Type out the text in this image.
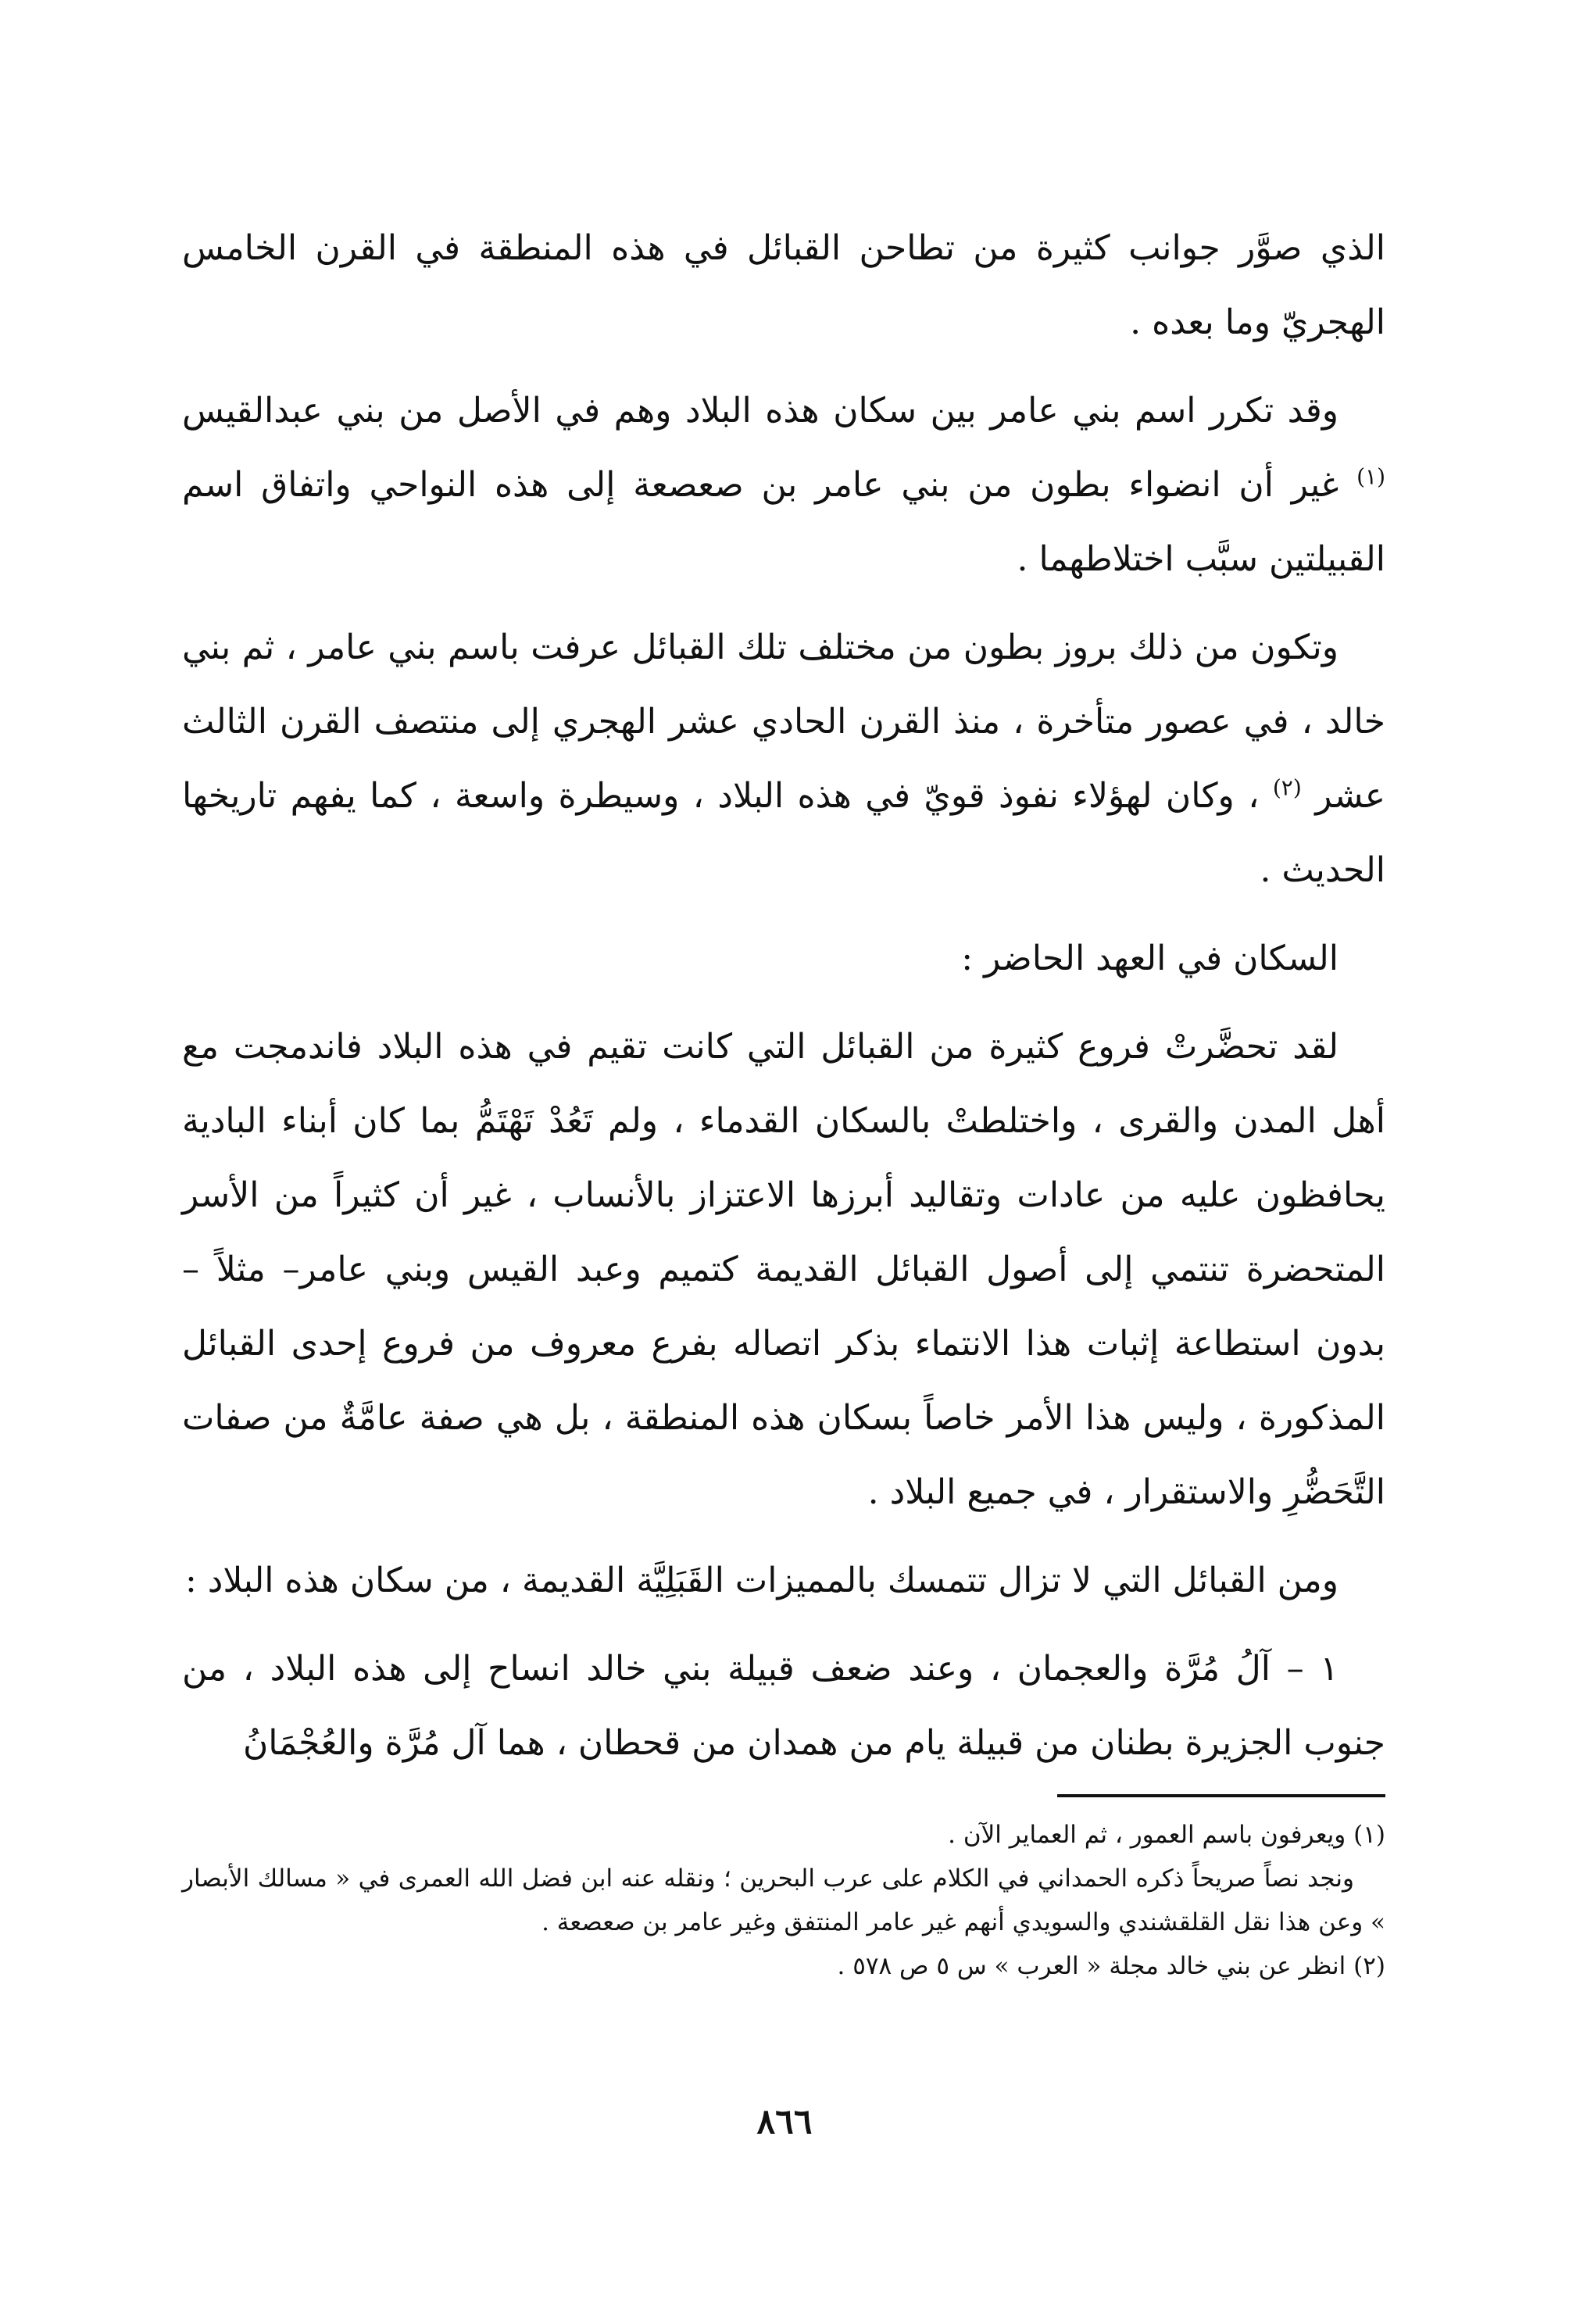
الذي صوَّر جوانب كثيرة من تطاحن القبائل في هذه المنطقة في القرن الخامس الهجريّ وما بعده .

وقد تكرر اسم بني عامر بين سكان هذه البلاد وهم في الأصل من بني عبدالقيس $^{(١)}$ غير أن انضواء بطون من بني عامر بن صعصعة إلى هذه النواحي واتفاق اسم القبيلتين سبَّب اختلاطهما .

وتكون من ذلك بروز بطون من مختلف تلك القبائل عرفت باسم بني عامر ، ثم بني خالد ، في عصور متأخرة ، منذ القرن الحادي عشر الهجري إلى منتصف القرن الثالث عشر $^{(٢)}$ ، وكان لهؤلاء نفوذ قويّ في هذه البلاد ، وسيطرة واسعة ، كما يفهم تاريخها الحديث .

السكان في العهد الحاضر :

لقد تحضَّرتْ فروع كثيرة من القبائل التي كانت تقيم في هذه البلاد فاندمجت مع أهل المدن والقرى ، واختلطتْ بالسكان القدماء ، ولم تَعُدْ تَهْتَمُّ بما كان أبناء البادية يحافظون عليه من عادات وتقاليد أبرزها الاعتزاز بالأنساب ، غير أن كثيراً من الأسر المتحضرة تنتمي إلى أصول القبائل القديمة كتميم وعبد القيس وبني عامر– مثلاً – بدون استطاعة إثبات هذا الانتماء بذكر اتصاله بفرع معروف من فروع إحدى القبائل المذكورة ، وليس هذا الأمر خاصاً بسكان هذه المنطقة ، بل هي صفة عامَّةٌ من صفات التَّحَضُّرِ والاستقرار ، في جميع البلاد .

ومن القبائل التي لا تزال تتمسك بالمميزات القَبَلِيَّة القديمة ، من سكان هذه البلاد :

١ – آلُ مُرَّة والعجمان ، وعند ضعف قبيلة بني خالد انساح إلى هذه البلاد ، من جنوب الجزيرة بطنان من قبيلة يام من همدان من قحطان ، هما آل مُرَّة والعُجْمَانُ

(١) ويعرفون باسم العمور ، ثم العماير الآن .

ونجد نصاً صريحاً ذكره الحمداني في الكلام على عرب البحرين ؛ ونقله عنه ابن فضل الله العمرى في « مسالك الأبصار » وعن هذا نقل القلقشندي والسويدي أنهم غير عامر المنتفق وغير عامر بن صعصعة .

(٢) انظر عن بني خالد مجلة « العرب » س ٥ ص ٥٧٨ .

٨٦٦
